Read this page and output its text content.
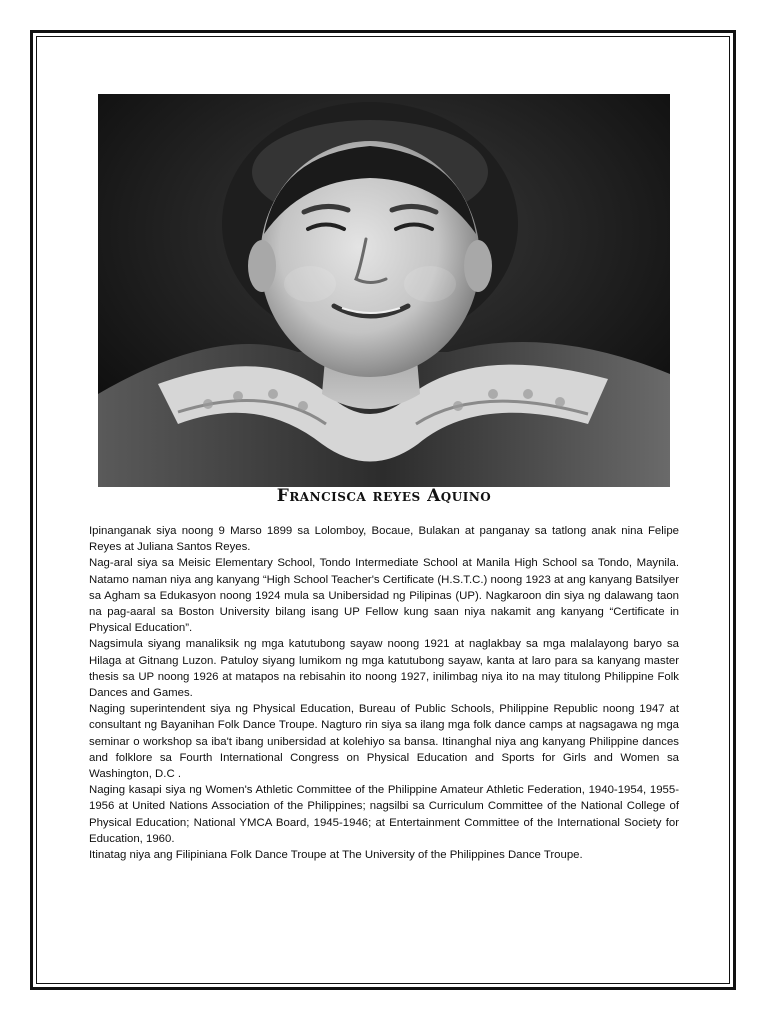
Francisca reyes Aquino

Ipinanganak siya noong 9 Marso 1899 sa Lolomboy, Bocaue, Bulakan at panganay sa tatlong anak nina Felipe Reyes at Juliana Santos Reyes.

Nag-aral siya sa Meisic Elementary School, Tondo Intermediate School at Manila High School sa Tondo, Maynila. Natamo naman niya ang kanyang “High School Teacher's Certificate (H.S.T.C.) noong 1923 at ang kanyang Batsilyer sa Agham sa Edukasyon noong 1924 mula sa Unibersidad ng Pilipinas (UP). Nagkaroon din siya ng dalawang taon na pag-aaral sa Boston University bilang isang UP Fellow kung saan niya nakamit ang kanyang “Certificate in Physical Education”.

Nagsimula siyang manaliksik ng mga katutubong sayaw noong 1921 at naglakbay sa mga malalayong baryo sa Hilaga at Gitnang Luzon. Patuloy siyang lumikom ng mga katutubong sayaw, kanta at laro para sa kanyang master thesis sa UP noong 1926 at matapos na rebisahin ito noong 1927, inilimbag niya ito na may titulong Philippine Folk Dances and Games.

Naging superintendent siya ng Physical Education, Bureau of Public Schools, Philippine Republic noong 1947 at consultant ng Bayanihan Folk Dance Troupe. Nagturo rin siya sa ilang mga folk dance camps at nagsagawa ng mga seminar o workshop sa iba't ibang unibersidad at kolehiyo sa bansa. Itinanghal niya ang kanyang Philippine dances and folklore sa Fourth International Congress on Physical Education and Sports for Girls and Women sa Washington, D.C .

Naging kasapi siya ng Women's Athletic Committee of the Philippine Amateur Athletic Federation, 1940-1954, 1955-1956 at United Nations Association of the Philippines; nagsilbi sa Curriculum Committee of the National College of Physical Education; National YMCA Board, 1945-1946; at Entertainment Committee of the International Society for Education, 1960.

Itinatag niya ang Filipiniana Folk Dance Troupe at The University of the Philippines Dance Troupe.
